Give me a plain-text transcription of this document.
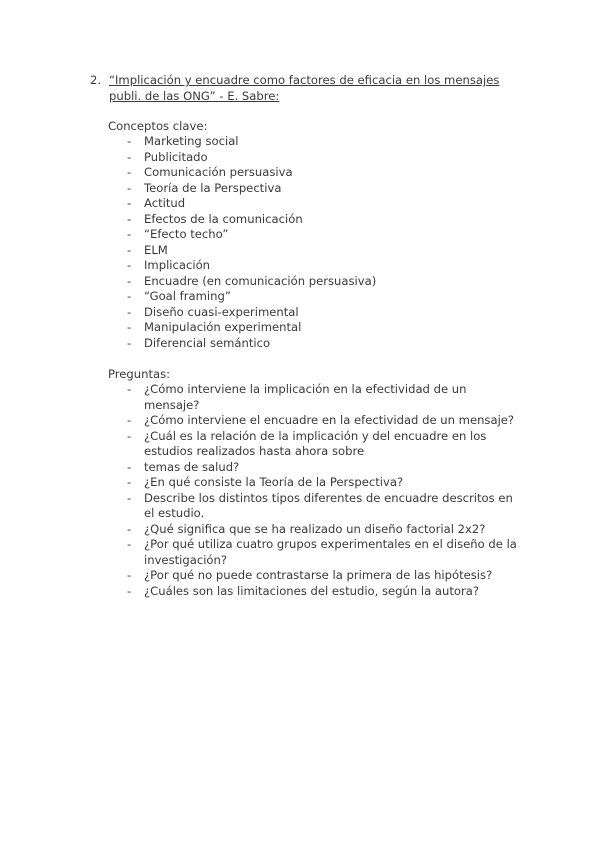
2. “Implicación y encuadre como factores de eficacia en los mensajes publi. de las ONG” - E. Sabre:
Conceptos clave:
- Marketing social
- Publicitado
- Comunicación persuasiva
- Teoría de la Perspectiva
- Actitud
- Efectos de la comunicación
- “Efecto techo”
- ELM
- Implicación
- Encuadre (en comunicación persuasiva)
- “Goal framing”
- Diseño cuasi-experimental
- Manipulación experimental
- Diferencial semántico
Preguntas:
- ¿Cómo interviene la implicación en la efectividad de un mensaje?
- ¿Cómo interviene el encuadre en la efectividad de un mensaje?
- ¿Cuál es la relación de la implicación y del encuadre en los estudios realizados hasta ahora sobre
- temas de salud?
- ¿En qué consiste la Teoría de la Perspectiva?
- Describe los distintos tipos diferentes de encuadre descritos en el estudio.
- ¿Qué significa que se ha realizado un diseño factorial 2x2?
- ¿Por qué utiliza cuatro grupos experimentales en el diseño de la investigación?
- ¿Por qué no puede contrastarse la primera de las hipótesis?
- ¿Cuáles son las limitaciones del estudio, según la autora?
